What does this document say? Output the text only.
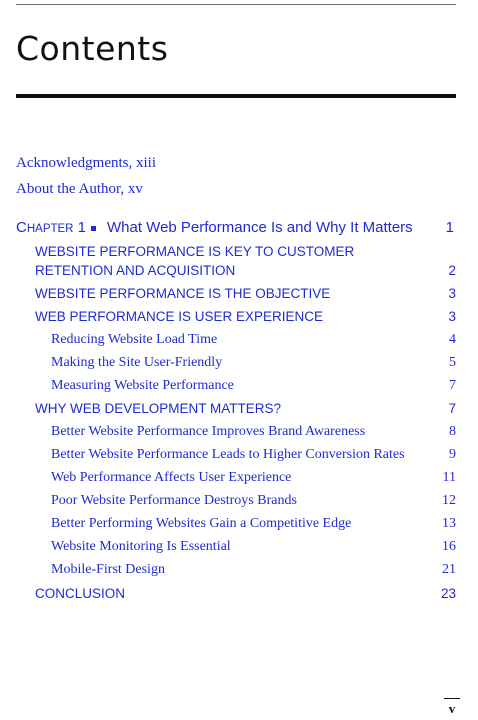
Contents
Acknowledgments, xiii
About the Author, xv
CHAPTER 1 What Web Performance Is and Why It Matters 1
WEBSITE PERFORMANCE IS KEY TO CUSTOMER
RETENTION AND ACQUISITION	2
WEBSITE PERFORMANCE IS THE OBJECTIVE	3
WEB PERFORMANCE IS USER EXPERIENCE	3
Reducing Website Load Time	4
Making the Site User-Friendly	5
Measuring Website Performance	7
WHY WEB DEVELOPMENT MATTERS?	7
Better Website Performance Improves Brand Awareness	8
Better Website Performance Leads to Higher Conversion Rates	9
Web Performance Affects User Experience	11
Poor Website Performance Destroys Brands	12
Better Performing Websites Gain a Competitive Edge	13
Website Monitoring Is Essential	16
Mobile-First Design	21
CONCLUSION	23
v
